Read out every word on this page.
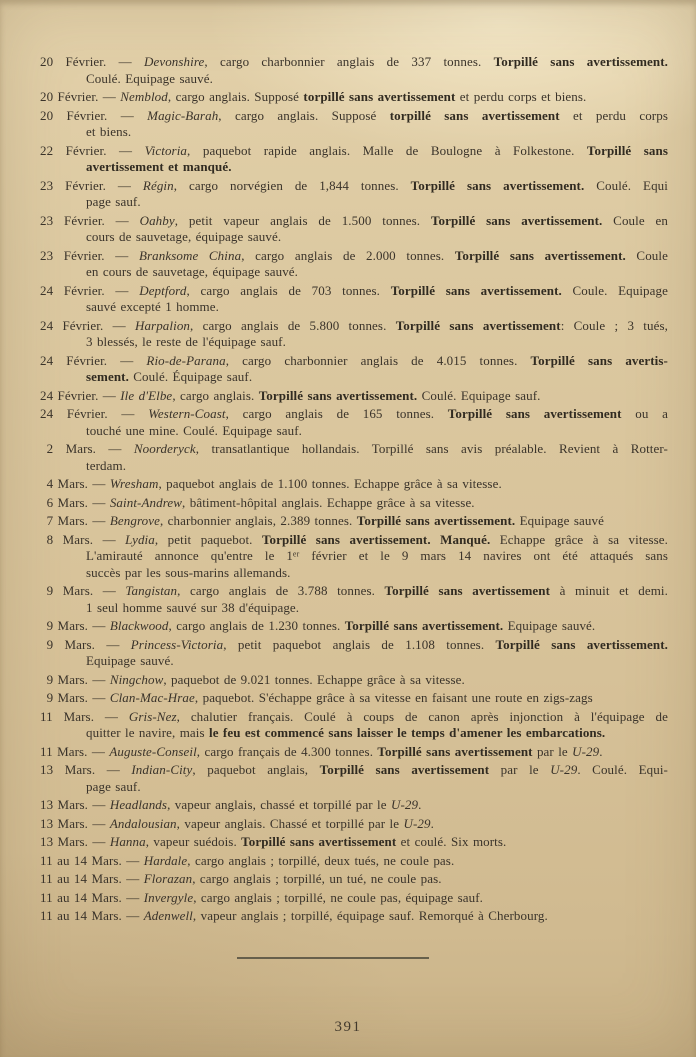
20 Février. — Devonshire, cargo charbonnier anglais de 337 tonnes. Torpillé sans avertissement.
Coulé. Equipage sauvé.
20 Février. — Nemblod, cargo anglais. Supposé torpillé sans avertissement et perdu corps et biens.
20 Février. — Magic-Barah, cargo anglais. Supposé torpillé sans avertissement et perdu corps
et biens.
22 Février. — Victoria, paquebot rapide anglais. Malle de Boulogne à Folkestone. Torpillé sans
avertissement et manqué.
23 Février. — Régin, cargo norvégien de 1,844 tonnes. Torpillé sans avertissement. Coulé. Equi
page sauf.
23 Février. — Oahby, petit vapeur anglais de 1.500 tonnes. Torpillé sans avertissement. Coule en
cours de sauvetage, équipage sauvé.
23 Février. — Branksome China, cargo anglais de 2.000 tonnes. Torpillé sans avertissement. Coule
en cours de sauvetage, équipage sauvé.
24 Février. — Deptford, cargo anglais de 703 tonnes. Torpillé sans avertissement. Coule. Equipage
sauvé excepté 1 homme.
24 Février. — Harpalion, cargo anglais de 5.800 tonnes. Torpillé sans avertissement: Coule ; 3 tués,
3 blessés, le reste de l'équipage sauf.
24 Février. — Rio-de-Parana, cargo charbonnier anglais de 4.015 tonnes. Torpillé sans avertis-
sement. Coulé. Équipage sauf.
24 Février. — Ile d'Elbe, cargo anglais. Torpillé sans avertissement. Coulé. Equipage sauf.
24 Février. — Western-Coast, cargo anglais de 165 tonnes. Torpillé sans avertissement ou a
touché une mine. Coulé. Equipage sauf.
 2 Mars. — Noorderyck, transatlantique hollandais. Torpillé sans avis préalable. Revient à Rotter-
terdam.
 4 Mars. — Wresham, paquebot anglais de 1.100 tonnes. Echappe grâce à sa vitesse.
 6 Mars. — Saint-Andrew, bâtiment-hôpital anglais. Echappe grâce à sa vitesse.
 7 Mars. — Bengrove, charbonnier anglais, 2.389 tonnes. Torpillé sans avertissement. Equipage sauvé
 8 Mars. — Lydia, petit paquebot. Torpillé sans avertissement. Manqué. Echappe grâce à sa vitesse.
L'amirauté annonce qu'entre le 1ᵉʳ février et le 9 mars 14 navires ont été attaqués sans
succès par les sous-marins allemands.
 9 Mars. — Tangistan, cargo anglais de 3.788 tonnes. Torpillé sans avertissement à minuit et demi.
1 seul homme sauvé sur 38 d'équipage.
 9 Mars. — Blackwood, cargo anglais de 1.230 tonnes. Torpillé sans avertissement. Equipage sauvé.
 9 Mars. — Princess-Victoria, petit paquebot anglais de 1.108 tonnes. Torpillé sans avertissement.
Equipage sauvé.
 9 Mars. — Ningchow, paquebot de 9.021 tonnes. Echappe grâce à sa vitesse.
 9 Mars. — Clan-Mac-Hrae, paquebot. S'échappe grâce à sa vitesse en faisant une route en zigs-zags
11 Mars. — Gris-Nez, chalutier français. Coulé à coups de canon après injonction à l'équipage de
quitter le navire, mais le feu est commencé sans laisser le temps d'amener les embarcations.
11 Mars. — Auguste-Conseil, cargo français de 4.300 tonnes. Torpillé sans avertissement par le U-29.
13 Mars. — Indian-City, paquebot anglais, Torpillé sans avertissement par le U-29. Coulé. Equi-
page sauf.
13 Mars. — Headlands, vapeur anglais, chassé et torpillé par le U-29.
13 Mars. — Andalousian, vapeur anglais. Chassé et torpillé par le U-29.
13 Mars. — Hanna, vapeur suédois. Torpillé sans avertissement et coulé. Six morts.
11 au 14 Mars. — Hardale, cargo anglais ; torpillé, deux tués, ne coule pas.
11 au 14 Mars. — Florazan, cargo anglais ; torpillé, un tué, ne coule pas.
11 au 14 Mars. — Invergyle, cargo anglais ; torpillé, ne coule pas, équipage sauf.
11 au 14 Mars. — Adenwell, vapeur anglais ; torpillé, équipage sauf. Remorqué à Cherbourg.
391
